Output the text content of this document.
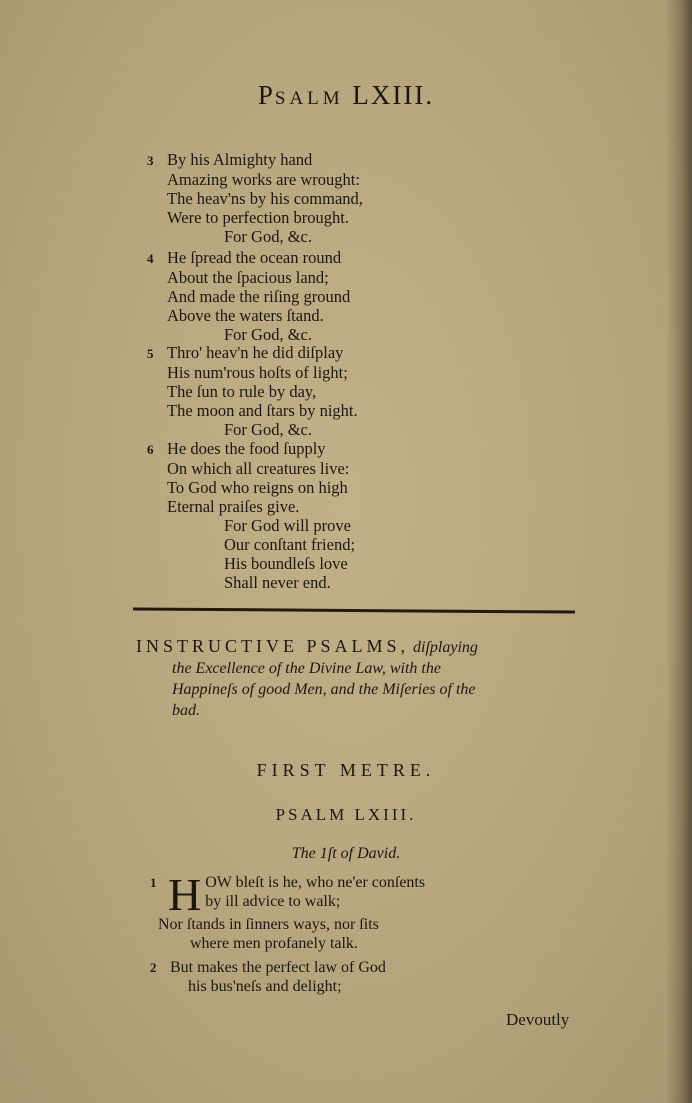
PSALM LXIII.
3 By his Almighty hand
Amazing works are wrought:
The heav'ns by his command,
Were to perfection brought.
For God, &c.
4 He ſpread the ocean round
About the ſpacious land;
And made the riſing ground
Above the waters ſtand.
For God, &c.
5 Thro' heav'n he did diſplay
His num'rous hoſts of light;
The ſun to rule by day,
The moon and ſtars by night.
For God, &c.
6 He does the food ſupply
On which all creatures live:
To God who reigns on high
Eternal praiſes give.
For God will prove
Our conſtant friend;
His boundleſs love
Shall never end.
INSTRUCTIVE PSALMS, diſplaying
the Excellence of the Divine Law, with the
Happineſs of good Men, and the Miſeries of the
bad.
FIRST METRE.
PSALM LXIII.
The 1ſt of David.
1 H OW bleſt is he, who ne'er conſents
by ill advice to walk;
Nor ſtands in ſinners ways, nor ſits
where men profanely talk.
2 But makes the perfect law of God
his bus'neſs and delight;
Devoutly
